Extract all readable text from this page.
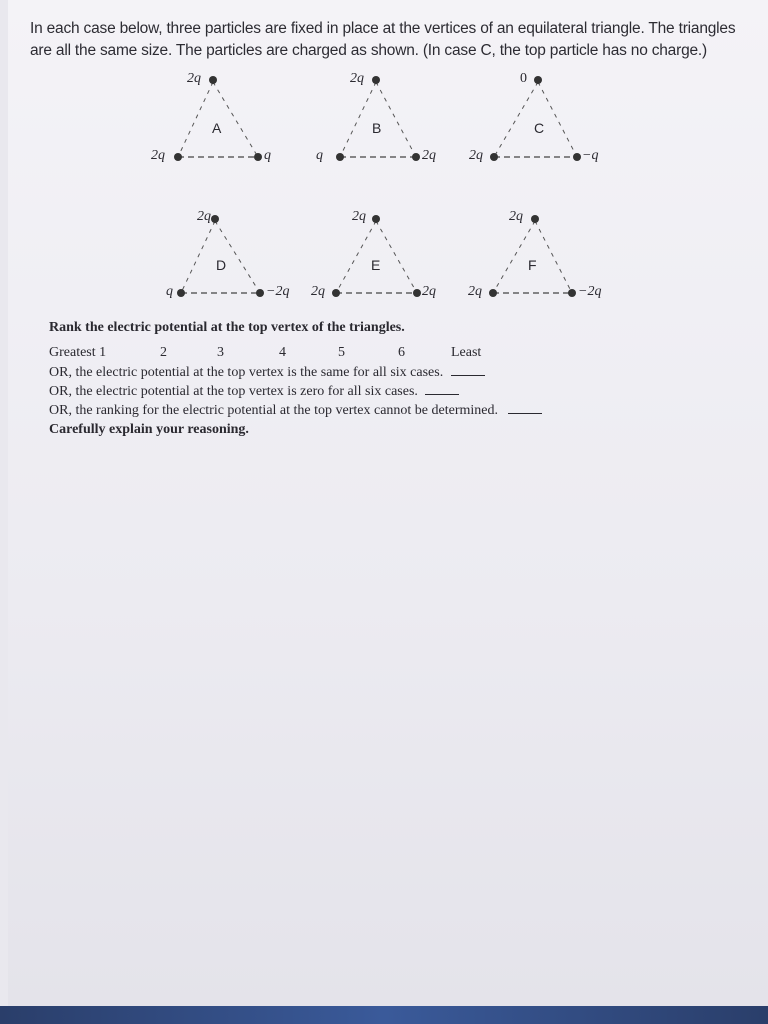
In each case below, three particles are fixed in place at the vertices of an equilateral triangle. The triangles
are all the same size. The particles are charged as shown. (In case C, the top particle has no charge.)
2q
2q	q
A
2q
q	2q
B
0
2q	−q
C
2q
q	−2q
D
2q
2q	2q
E
2q
2q	−2q
F
Rank the electric potential at the top vertex of the triangles.
Greatest 1	2	3	4	5	6	Least
OR, the electric potential at the top vertex is the same for all six cases.
OR, the electric potential at the top vertex is zero for all six cases.
OR, the ranking for the electric potential at the top vertex cannot be determined.
Carefully explain your reasoning.
